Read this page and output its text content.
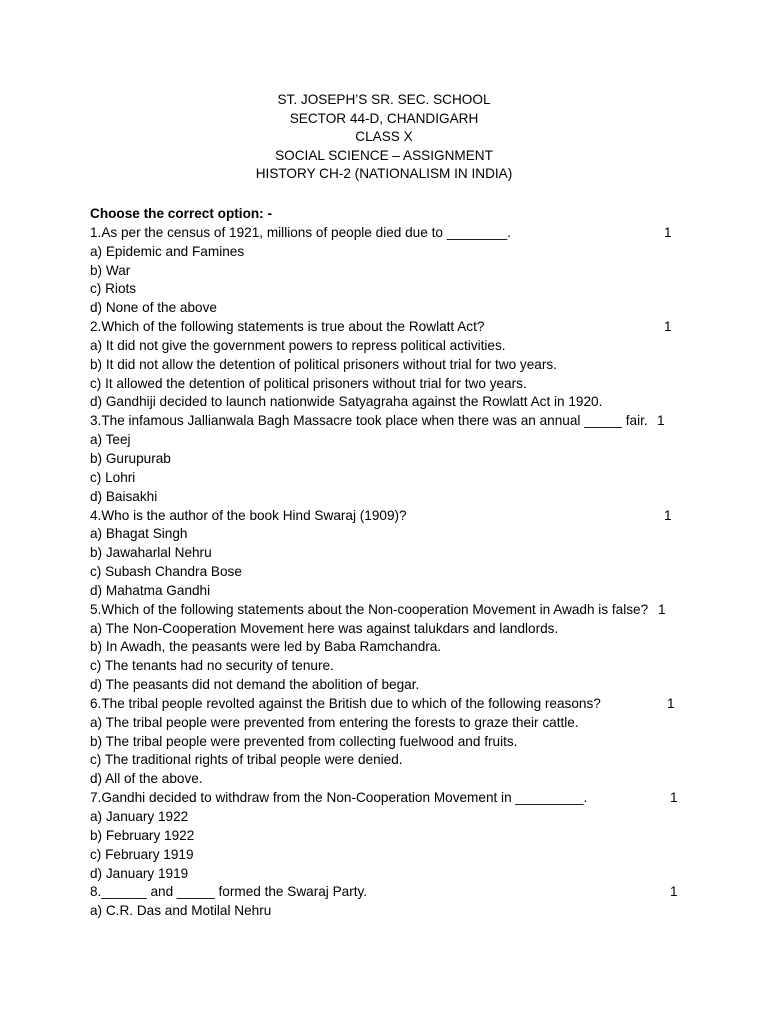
ST. JOSEPH’S SR. SEC. SCHOOL
SECTOR 44-D, CHANDIGARH
CLASS X
SOCIAL SCIENCE – ASSIGNMENT
HISTORY CH-2 (NATIONALISM IN INDIA)
Choose the correct option: -
1.As per the census of 1921, millions of people died due to ________.	1
a) Epidemic and Famines
b) War
c) Riots
d) None of the above
2.Which of the following statements is true about the Rowlatt Act?	1
a) It did not give the government powers to repress political activities.
b) It did not allow the detention of political prisoners without trial for two years.
c) It allowed the detention of political prisoners without trial for two years.
d) Gandhiji decided to launch nationwide Satyagraha against the Rowlatt Act in 1920.
3.The infamous Jallianwala Bagh Massacre took place when there was an annual _____ fair. 1
a) Teej
b) Gurupurab
c) Lohri
d) Baisakhi
4.Who is the author of the book Hind Swaraj (1909)?	1
a) Bhagat Singh
b) Jawaharlal Nehru
c) Subash Chandra Bose
d) Mahatma Gandhi
5.Which of the following statements about the Non-cooperation Movement in Awadh is false? 1
a) The Non-Cooperation Movement here was against talukdars and landlords.
b) In Awadh, the peasants were led by Baba Ramchandra.
c) The tenants had no security of tenure.
d) The peasants did not demand the abolition of begar.
6.The tribal people revolted against the British due to which of the following reasons?	1
a) The tribal people were prevented from entering the forests to graze their cattle.
b) The tribal people were prevented from collecting fuelwood and fruits.
c) The traditional rights of tribal people were denied.
d) All of the above.
7.Gandhi decided to withdraw from the Non-Cooperation Movement in _________.	1
a) January 1922
b) February 1922
c) February 1919
d) January 1919
8.______ and _____ formed the Swaraj Party.	1
a) C.R. Das and Motilal Nehru
